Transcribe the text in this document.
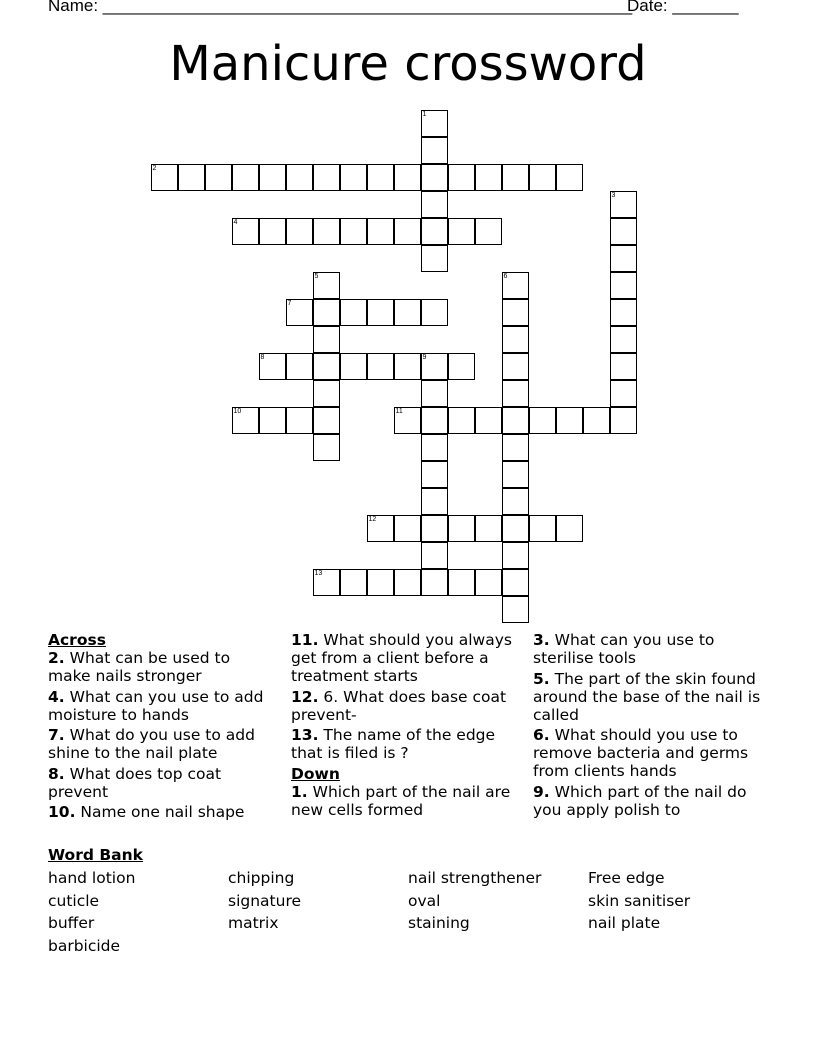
Name: ________________________________________________________
Date: _______
Manicure crossword
1
2
3
4
5	6
7
8	9
10	11
12
13
Across
2. What can be used to make nails stronger
4. What can you use to add moisture to hands
7. What do you use to add shine to the nail plate
8. What does top coat prevent
10. Name one nail shape
11. What should you always get from a client before a treatment starts
12. 6. What does base coat prevent-
13. The name of the edge that is filed is ?
Down
1. Which part of the nail are new cells formed
3. What can you use to sterilise tools
5. The part of the skin found around the base of the nail is called
6. What should you use to remove bacteria and germs from clients hands
9. Which part of the nail do you apply polish to
Word Bank
hand lotion	chipping	nail strengthener	Free edge
cuticle	signature	oval	skin sanitiser
buffer	matrix	staining	nail plate
barbicide
